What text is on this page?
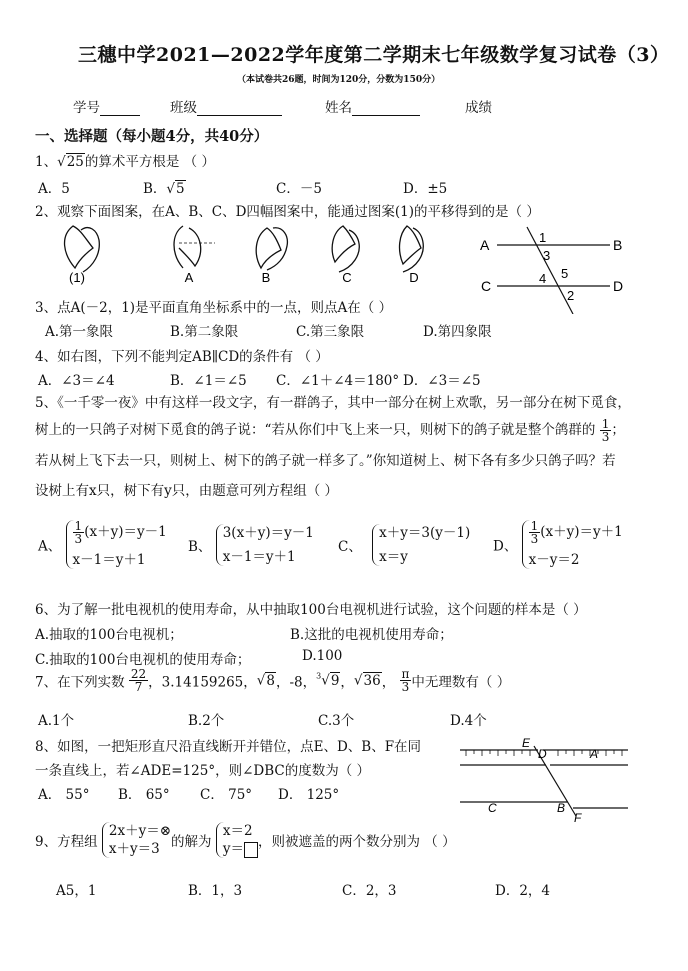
三穗中学2021—2022学年度第二学期末七年级数学复习试卷（3）
（本试卷共26题，时间为120分，分数为150分）
学号	班级	姓名	成绩
一、选择题（每小题4分，共40分）
1、√25的算术平方根是 （ ）
A．5	B．√5	C．－5	D．±5
2、观察下面图案，在A、B、C、D四幅图案中，能通过图案(1)的平移得到的是（ ）
(1)	A	B	C	D
A	B
C	D
1
3
4 5
2
3、点A(－2，1)是平面直角坐标系中的一点，则点A在（ ）
A.第一象限	B.第二象限	C.第三象限	D.第四象限
4、如右图，下列不能判定AB∥CD的条件有 （ ）
A．∠3＝∠4	B．∠1＝∠5 C．∠1＋∠4＝180° D．∠3＝∠5
5、《一千零一夜》中有这样一段文字，有一群鸽子，其中一部分在树上欢歌，另一部分在树下觅食，
树上的一只鸽子对树下觅食的鸽子说：“若从你们中飞上来一只，则树下的鸽子就是整个鸽群的 $\frac{1}{3}$ ；
若从树上飞下去一只，则树上、树下的鸽子就一样多了。”你知道树上、树下各有多少只鸽子吗？若
设树上有x只，树下有y只，由题意可列方程组（ ）
A、
$\frac{1}{3} (x+y)=y-1$
x－1＝y＋1
B、
3(x＋y)＝y－1
x－1＝y＋1
C、
x＋y＝3(y－1)
x＝y
D、
$\frac{1}{3} (x+y)=y+1$
x－y＝2
6、为了解一批电视机的使用寿命，从中抽取100台电视机进行试验，这个问题的样本是（ ）
A.抽取的100台电视机；	B.这批的电视机使用寿命；
C.抽取的100台电视机的使用寿命；	D.100
7、在下列实数 $\frac{22}{7}$ ，3.14159265，√8，-8，$^3$√9，√36， $\frac{\pi}{3}$ 中无理数有（ ）
A.1个	B.2个	C.3个	D.4个
8、如图，一把矩形直尺沿直线断开并错位，点E、D、B、F在同
一条直线上，若∠ADE=125°，则∠DBC的度数为（ ）
A． 55° B． 65° C． 75° D． 125°
E
D	A
C	B
F
9、方程组
2x＋y＝⊗
x＋y＝3 的解为
x＝2
y＝	，则被遮盖的两个数分别为 （ ）
A5，1	B．1，3	C．2，3	D．2，4
